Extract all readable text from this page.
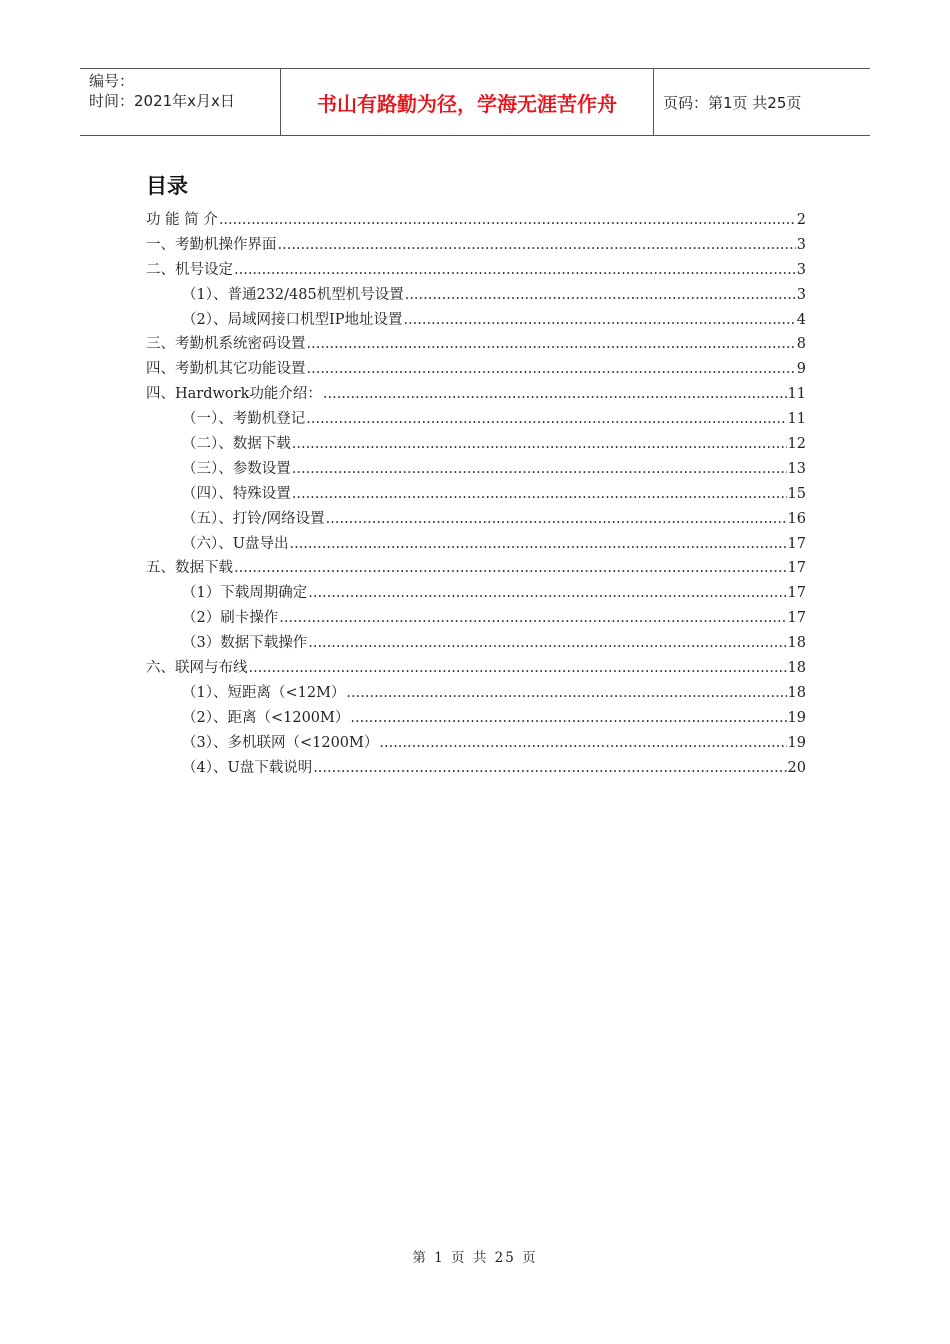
编号：
时间：2021年x月x日	书山有路勤为径，学海无涯苦作舟	页码：第1页 共25页
目录
功 能 简 介 .....	2
一、考勤机操作界面 .....	3
二、机号设定 .....	3
（1）、普通232/485机型机号设置 .....	3
（2）、局域网接口机型IP地址设置 .....	4
三、考勤机系统密码设置 .....	8
四、考勤机其它功能设置 .....	9
四、Hardwork功能介绍： .....	11
（一）、考勤机登记 .....	11
（二）、数据下载 .....	12
（三）、参数设置 .....	13
（四）、特殊设置 .....	15
（五）、打铃/网络设置 .....	16
（六）、U盘导出 .....	17
五、数据下载 .....	17
（1）下载周期确定 .....	17
（2）刷卡操作 .....	17
（3）数据下载操作 .....	18
六、联网与布线 .....	18
（1）、短距离（<12M） .....	18
（2）、距离（<1200M） .....	19
（3）、多机联网（<1200M） .....	19
（4）、U盘下载说明 .....	20
第 1 页 共 25 页
